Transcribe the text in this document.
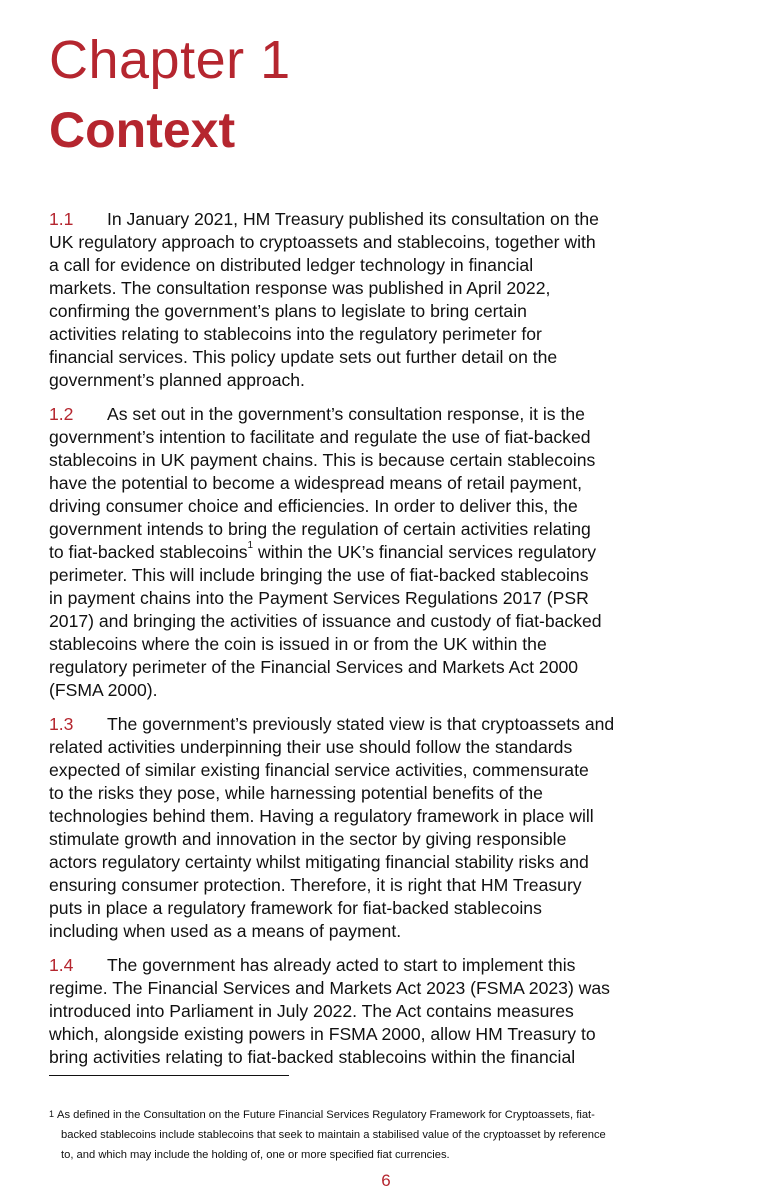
Chapter 1
Context

1.1 In January 2021, HM Treasury published its consultation on the
UK regulatory approach to cryptoassets and stablecoins, together with
a call for evidence on distributed ledger technology in financial
markets. The consultation response was published in April 2022,
confirming the government’s plans to legislate to bring certain
activities relating to stablecoins into the regulatory perimeter for
financial services. This policy update sets out further detail on the
government’s planned approach.

1.2 As set out in the government’s consultation response, it is the
government’s intention to facilitate and regulate the use of fiat-backed
stablecoins in UK payment chains. This is because certain stablecoins
have the potential to become a widespread means of retail payment,
driving consumer choice and efficiencies. In order to deliver this, the
government intends to bring the regulation of certain activities relating
to fiat-backed stablecoins$^1$ within the UK’s financial services regulatory
perimeter. This will include bringing the use of fiat-backed stablecoins
in payment chains into the Payment Services Regulations 2017 (PSR
2017) and bringing the activities of issuance and custody of fiat-backed
stablecoins where the coin is issued in or from the UK within the
regulatory perimeter of the Financial Services and Markets Act 2000
(FSMA 2000).

1.3 The government’s previously stated view is that cryptoassets and
related activities underpinning their use should follow the standards
expected of similar existing financial service activities, commensurate
to the risks they pose, while harnessing potential benefits of the
technologies behind them. Having a regulatory framework in place will
stimulate growth and innovation in the sector by giving responsible
actors regulatory certainty whilst mitigating financial stability risks and
ensuring consumer protection. Therefore, it is right that HM Treasury
puts in place a regulatory framework for fiat-backed stablecoins
including when used as a means of payment.

1.4 The government has already acted to start to implement this
regime. The Financial Services and Markets Act 2023 (FSMA 2023) was
introduced into Parliament in July 2022. The Act contains measures
which, alongside existing powers in FSMA 2000, allow HM Treasury to
bring activities relating to fiat-backed stablecoins within the financial

$^1$ As defined in the Consultation on the Future Financial Services Regulatory Framework for Cryptoassets, fiat-
backed stablecoins include stablecoins that seek to maintain a stabilised value of the cryptoasset by reference
to, and which may include the holding of, one or more specified fiat currencies.

6
